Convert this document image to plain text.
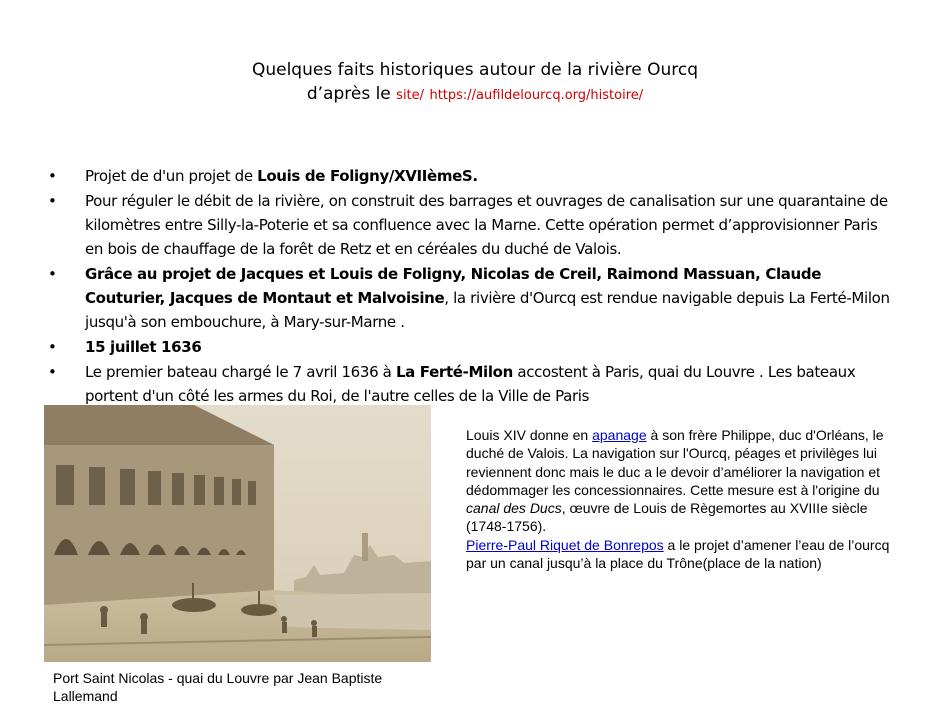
Quelques faits historiques autour de la rivière Ourcq
d’après le site/ https://aufildelourcq.org/histoire/
• Projet de d'un projet de Louis de Foligny/XVIIèmeS.
• Pour réguler le débit de la rivière, on construit des barrages et ouvrages de canalisation sur une quarantaine de kilomètres entre Silly-la-Poterie et sa confluence avec la Marne. Cette opération permet d’approvisionner Paris en bois de chauffage de la forêt de Retz et en céréales du duché de Valois.
• Grâce au projet de Jacques et Louis de Foligny, Nicolas de Creil, Raimond Massuan, Claude Couturier, Jacques de Montaut et Malvoisine, la rivière d'Ourcq est rendue navigable depuis La Ferté-Milon jusqu'à son embouchure, à Mary-sur-Marne .
• 15 juillet 1636
• Le premier bateau chargé le 7 avril 1636 à La Ferté-Milon accostent à Paris, quai du Louvre . Les bateaux portent d'un côté les armes du Roi, de l'autre celles de la Ville de Paris
Port Saint Nicolas - quai du Louvre par Jean Baptiste Lallemand
Louis XIV donne en apanage à son frère Philippe, duc d'Orléans, le duché de Valois. La navigation sur l'Ourcq, péages et privilèges lui reviennent donc mais le duc a le devoir d’améliorer la navigation et dédommager les concessionnaires. Cette mesure est à l'origine du canal des Ducs, œuvre de Louis de Règemortes au XVIIIe siècle (1748-1756).
Pierre-Paul Riquet de Bonrepos a le projet d’amener l’eau de l’ourcq par un canal jusqu’à la place du Trône(place de la nation)
